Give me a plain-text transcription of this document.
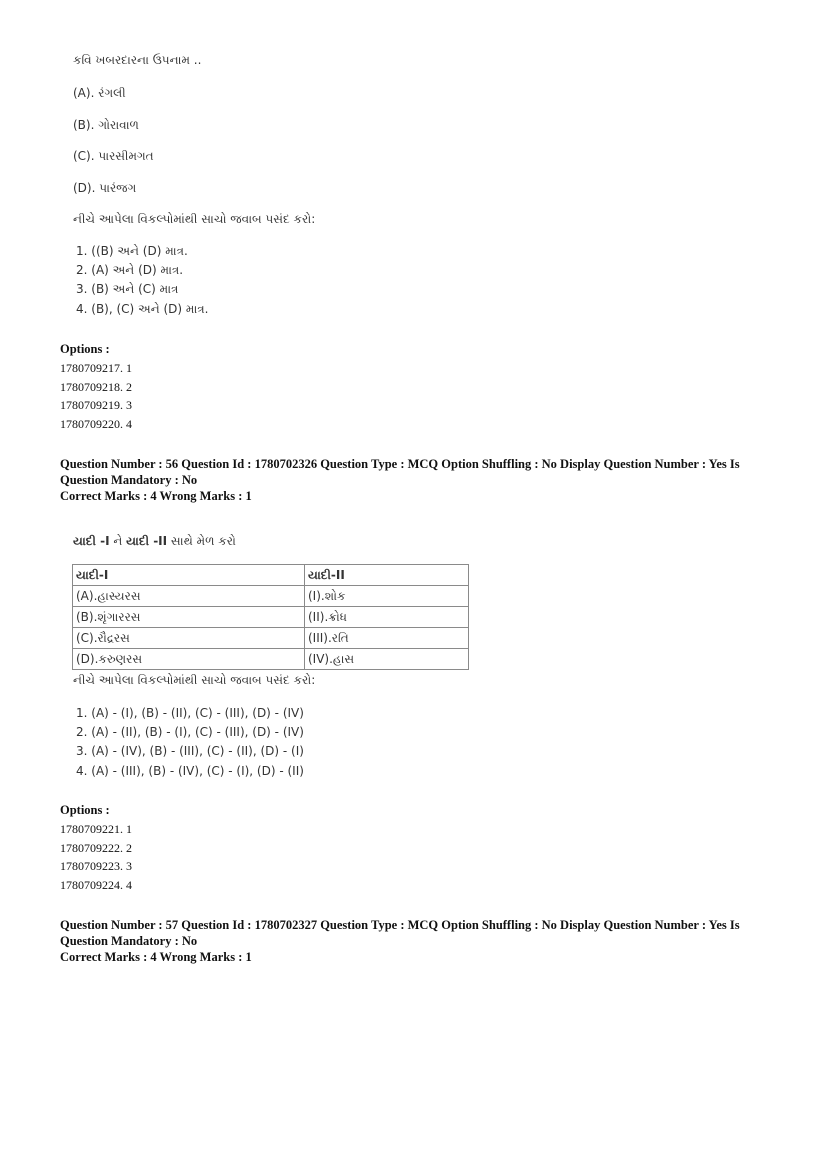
કવિ ખબરદારના ઉપનામ ..
(A). રંગલી
(B). ગોરાવાળ
(C). પારસીમગત
(D). પારંજગ
નીચે આપેલા વિકલ્પોમાંથી સાચો જવાબ પસંદ કરો:
1. ((B) અને (D) માત્ર.
2. (A) અને (D) માત્ર.
3. (B) અને (C) માત્ર
4. (B), (C) અને (D) માત્ર.
Options :
1780709217. 1
1780709218. 2
1780709219. 3
1780709220. 4
Question Number : 56 Question Id : 1780702326 Question Type : MCQ Option Shuffling : No Display Question Number : Yes Is
Question Mandatory : No
Correct Marks : 4 Wrong Marks : 1
યાદી -I ને યાદી -II સાથે મેળ કરો
યાદી-I	યાદી-II
(A).હાસ્યરસ	(I).શોક
(B).શૃંગારરસ	(II).ક્રોધ
(C).રૌદ્રરસ	(III).રતિ
(D).કરુણરસ	(IV).હાસ
નીચે આપેલા વિકલ્પોમાંથી સાચો જવાબ પસંદ કરો:
1. (A) - (I), (B) - (II), (C) - (III), (D) - (IV)
2. (A) - (II), (B) - (I), (C) - (III), (D) - (IV)
3. (A) - (IV), (B) - (III), (C) - (II), (D) - (I)
4. (A) - (III), (B) - (IV), (C) - (I), (D) - (II)
Options :
1780709221. 1
1780709222. 2
1780709223. 3
1780709224. 4
Question Number : 57 Question Id : 1780702327 Question Type : MCQ Option Shuffling : No Display Question Number : Yes Is
Question Mandatory : No
Correct Marks : 4 Wrong Marks : 1
